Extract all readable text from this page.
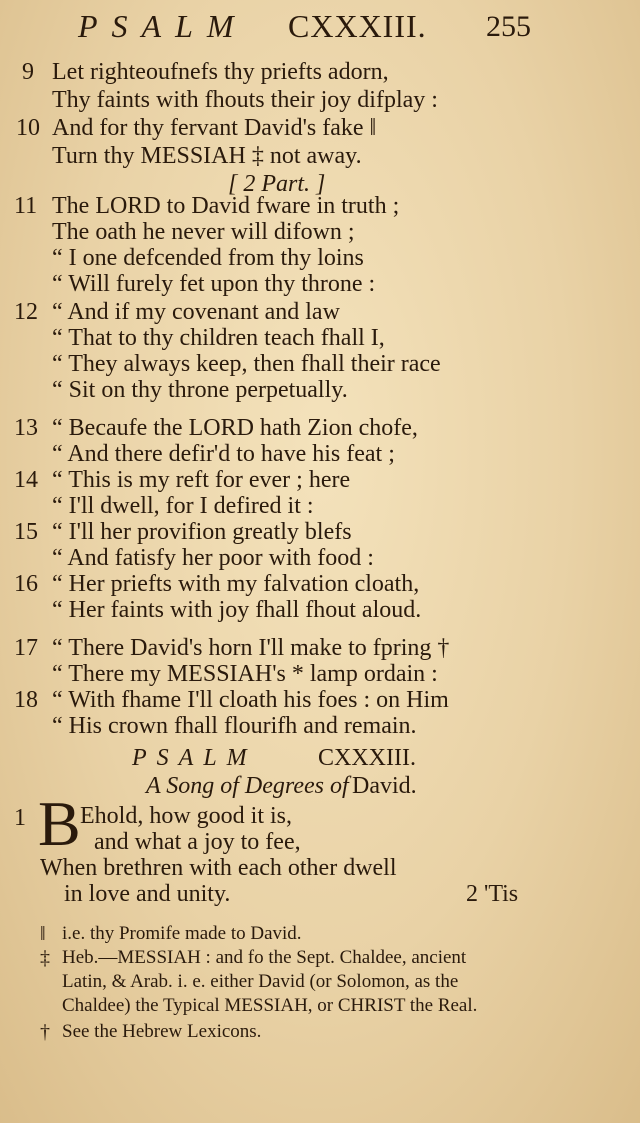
PSALM CXXXIII. 255
9 Let righteoufnefs thy priefts adorn,
Thy faints with fhouts their joy difplay :
10 And for thy fervant David's fake ‖
Turn thy MESSIAH ‡ not away.
[ 2 Part. ]
11 The LORD to David fware in truth ;
The oath he never will difown ;
“ I one defcended from thy loins
“ Will furely fet upon thy throne :
12 “ And if my covenant and law
“ That to thy children teach fhall I,
“ They always keep, then fhall their race
“ Sit on thy throne perpetually.
13 “ Becaufe the LORD hath Zion chofe,
“ And there defir'd to have his feat ;
14 “ This is my reft for ever ; here
“ I'll dwell, for I defired it :
15 “ I'll her provifion greatly blefs
“ And fatisfy her poor with food :
16 “ Her priefts with my falvation cloath,
“ Her faints with joy fhall fhout aloud.
17 “ There David's horn I'll make to fpring †
“ There my MESSIAH's * lamp ordain :
18 “ With fhame I'll cloath his foes : on Him
“ His crown fhall flourifh and remain.
PSALM	CXXXIII.
A Song of Degrees of David.
1 B Ehold, how good it is,
and what a joy to fee,
When brethren with each other dwell
in love and unity.	2 'Tis
‖ i.e. thy Promife made to David.
‡ Heb.—MESSIAH : and fo the Sept. Chaldee, ancient
Latin, & Arab. i. e. either David (or Solomon, as the
Chaldee) the Typical MESSIAH, or CHRIST the Real.
† See the Hebrew Lexicons.
